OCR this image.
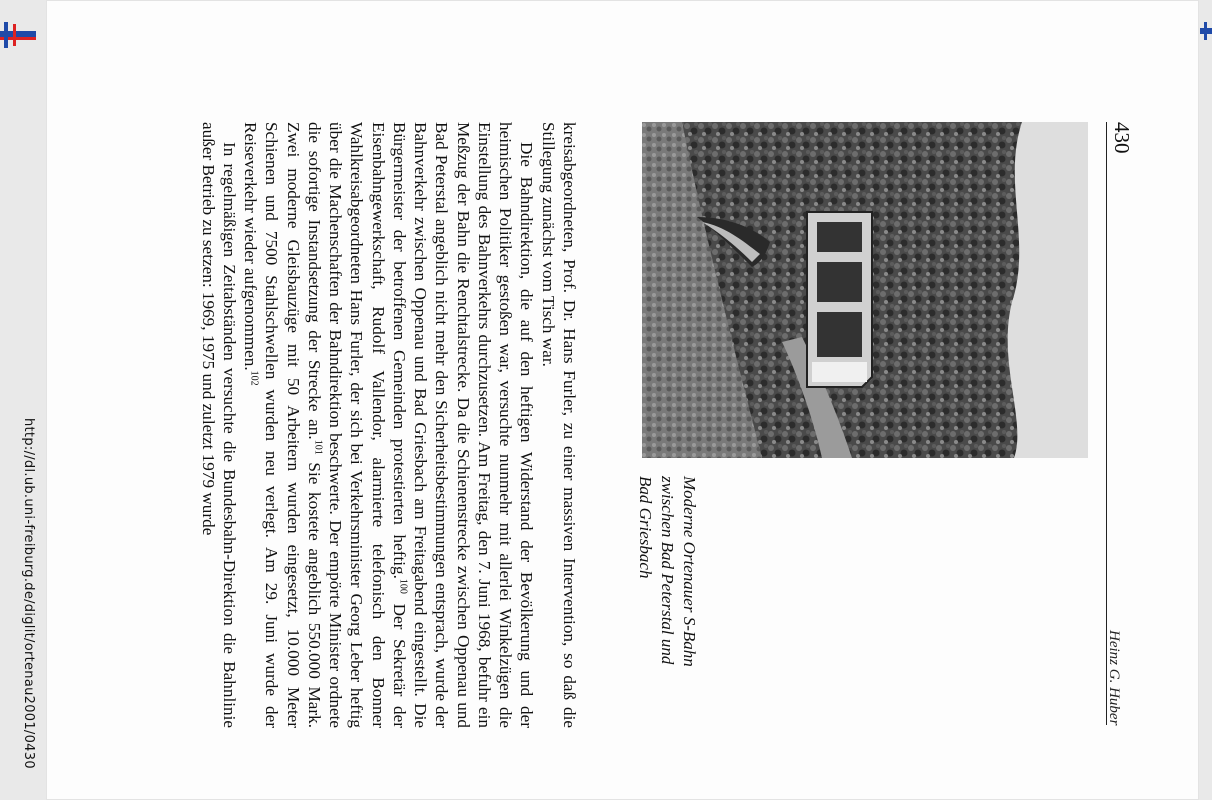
http://dl.ub.uni-freiburg.de/diglit/ortenau2001/0430
430
Heinz G. Huber
Moderne Ortenauer S-Bahn
zwischen Bad Peterstal und
Bad Griesbach

kreisabgeordneten, Prof. Dr. Hans Furler, zu einer massiven Intervention, so daß die Stillegung zunächst vom Tisch war.

Die Bahndirektion, die auf den heftigen Widerstand der Bevölkerung und der heimischen Politiker gestoßen war, versuchte nunmehr mit allerlei Winkelzügen die Einstellung des Bahnverkehrs durchzusetzen. Am Freitag, den 7. Juni 1968, befuhr ein Meßzug der Bahn die Renchtalstrecke. Da die Schienenstrecke zwischen Oppenau und Bad Peterstal angeblich nicht mehr den Sicherheitsbestimmungen entsprach, wurde der Bahnverkehr zwischen Oppenau und Bad Griesbach am Freitagabend eingestellt. Die Bürgermeister der betroffenen Gemeinden protestierten heftig.$^{100}$ Der Sekretär der Eisenbahngewerkschaft, Rudolf Vallendor, alarmierte telefonisch den Bonner Wahlkreisabgeordneten Hans Furler, der sich bei Verkehrsminister Georg Leber heftig über die Machenschaften der Bahndirektion beschwerte. Der empörte Minister ordnete die sofortige Instandsetzung der Strecke an.$^{101}$ Sie kostete angeblich 550.000 Mark. Zwei moderne Gleisbauzüge mit 50 Arbeitern wurden eingesetzt, 10.000 Meter Schienen und 7500 Stahlschwellen wurden neu verlegt. Am 29. Juni wurde der Reiseverkehr wieder aufgenommen.$^{102}$

In regelmäßigen Zeitabständen versuchte die Bundesbahn-Direktion die Bahnlinie außer Betrieb zu setzen: 1969, 1975 und zuletzt 1979 wurde
